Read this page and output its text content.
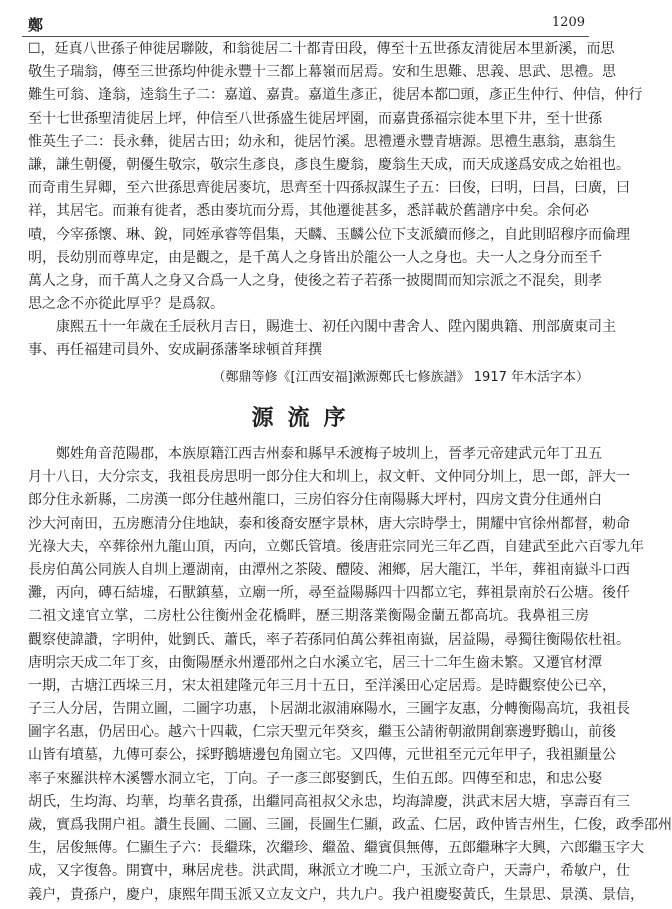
鄭	1209
☐，廷真八世孫子伸徙居聯陂，和翁徙居二十都青田段，傳至十五世孫友清徙居本里新溪，而思
敬生子瑞翁，傳至三世孫均仲徙永豐十三都上幕嶺而居焉。安和生思難、思義、思武、思禮。思
難生可翁、逢翁，逵翁生子二：嘉道、嘉貴。嘉道生彥正，徙居本都☐頭，彥正生仲行、仲信，仲行
至十七世孫聖清徙居上坪，仲信至八世孫盛生徙居坪園，而嘉貴孫福宗徙本里下井，至十世孫
惟英生子二：長永彝，徙居古田；幼永和，徙居竹溪。思禮遷永豐青塘源。思禮生惠翁，惠翁生
謙，謙生朝優，朝優生敬宗，敬宗生彥良，彥良生慶翁，慶翁生天成，而天成遂爲安成之始祖也。
而奇甫生昇卿，至六世孫思齊徙居麥坑，思齊至十四孫叔謀生子五：曰俊，曰明，曰昌，曰廣，曰
祥，其居宅。而兼有徙者，悉由麥坑而分焉，其他遷徙甚多，悉詳載於舊譜序中矣。余何必
嘖，今宰孫懷、琳、銳，同姪承睿等倡集，天麟、玉麟公位下支派續而修之，自此則昭穆序而倫理
明，長幼別而尊卑定，由是觀之，是千萬人之身皆出於龍公一人之身也。夫一人之身分而至千
萬人之身，而千萬人之身又合爲一人之身，使後之若子若孫一披閱間而知宗派之不混矣，則孝
思之念不亦從此厚乎？是爲叙。
　　康熙五十一年歲在壬辰秋月吉日，賜進士、初任內閣中書舍人、陞內閣典籍、刑部廣東司主
事、再任福建司員外、安成嗣孫藩峯球頓首拜撰
（鄭鼎等修《[江西安福]漱源鄭氏七修族譜》 1917 年木活字本）
源流序
　　鄭姓角音范陽郡，本族原籍江西吉州泰和縣早禾渡梅子坡圳上，晉孝元帝建武元年丁丑五
月十八日，大分宗支，我祖長房思明一郎分住大和圳上，叔文軒、文仲同分圳上，思一郎，評大一
郎分住永新縣，二房漢一郎分住越州龍口，三房伯容分住南陽縣大坪村，四房文貴分住通州白
沙大河南田，五房應清分住地缺，泰和後裔安歷字景林，唐大宗時學士，開耀中官徐州都督，勅命
光祿大夫，卒葬徐州九龍山頂，丙向，立鄭氏管墳。後唐莊宗同光三年乙酉，自建武至此六百零九年
長房伯萬公同族人自圳上遷湖南，由潭州之茶陵、醴陵、湘鄉，居大龍江，半年，葬祖南嶽斗口西
灘，丙向，磚石結墟，石獸鎮墓，立廟一所，尋至益陽縣四十四都立宅，葬祖景南於石公塘。後仟
二祖文達官立掌，二房杜公往衡州金花橋畔，歷三期落業衡陽金蘭五都高坑。我鼻祖三房
觀察使諱讚，字明仲，妣劉氏、蕭氏，率子若孫同伯萬公葬祖南嶽，居益陽，尋獨往衡陽依杜祖。
唐明宗天成二年丁亥，由衡陽歷永州遷邵州之白水溪立宅，居三十二年生齒未繁。又遷官材潭
一期，古塘江西垛三月，宋太祖建隆元年三月十五日，至洋溪田心定居焉。是時觀察使公已卒，
子三人分居，告開立圖，二圖字功惠，卜居湖北淑浦麻陽水，三圖字友惠，分轉衡陽高坑，我祖長
圖字名惠，仍居田心。越六十四載，仁宗天聖元年癸亥，繼玉公請術朝澈開創寨邊野鵝山，前後
山皆有墳墓，九傳可泰公，採野鵝塘邊包角園立宅。又四傳，元世祖至元元年甲子，我祖顯量公
率子來羅洪梓木溪響水洞立宅，丁向。子一彥三郎娶劉氏，生伯五郎。四傳至和忠，和忠公娶
胡氏，生均海、均華，均華名貴孫，出繼同高祖叔父永忠，均海諱慶，洪武末居大塘，享壽百有三
歲，實爲我開户祖。讚生長圖、二圖、三圖，長圖生仁顯，政孟、仁居，政仲皆吉州生，仁俊，政季邵州
生，居俊無傳。仁顯生子六：長繼珠，次繼珍、繼盈、繼賓俱無傳，五郎繼琳字大興，六郎繼玉字大
成，又字復魯。開寶中，琳居虎巷。洪武間，琳派立才晚二户，玉派立奇户，天壽户，希敏户，仕
義户，貴孫户，慶户，康熙年間玉派又立友文户，共九户。我户祖慶娶黃氏，生景思、景漢、景信，
